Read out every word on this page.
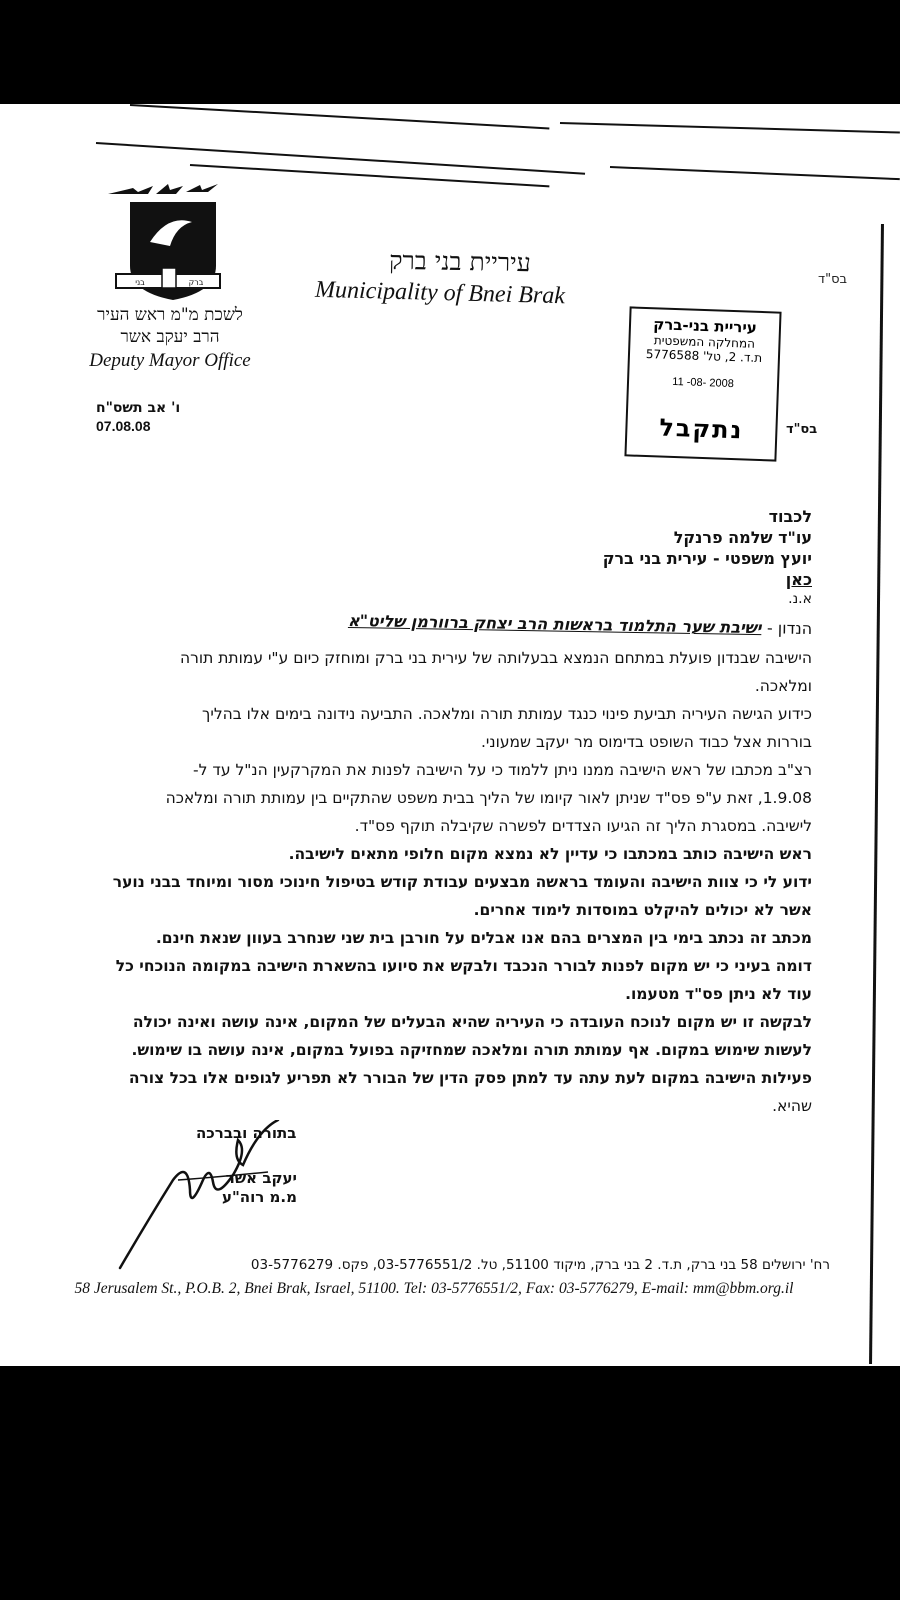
בני	ברק
לשכת מ"מ ראש העיר
הרב יעקב אשר
Deputy Mayor Office
ו' אב תשס"ח
07.08.08
עיריית בני ברק
Municipality of Bnei Brak	בס"ד
עיריית בני-ברק
המחלקה המשפטית
ת.ד. 2, טל' 5776588
11 -08- 2008
נתקבל	בס"ד
לכבוד
עו"ד שלמה פרנקל
יועץ משפטי - עירית בני ברק
כאן
א.נ.
הנדון - ישיבת שער התלמוד בראשות הרב יצחק ברוורמן שליט"א

הישיבה שבנדון פועלת במתחם הנמצא בבעלותה של עירית בני ברק ומוחזק כיום ע"י עמותת תורה

ומלאכה.

כידוע הגישה העיריה תביעת פינוי כנגד עמותת תורה ומלאכה. התביעה נידונה בימים אלו בהליך

בוררות אצל כבוד השופט בדימוס מר יעקב שמעוני.

רצ"ב מכתבו של ראש הישיבה ממנו ניתן ללמוד כי על הישיבה לפנות את המקרקעין הנ"ל עד ל-

1.9.08, זאת ע"פ פס"ד שניתן לאור קיומו של הליך בבית משפט שהתקיים בין עמותת תורה ומלאכה

לישיבה. במסגרת הליך זה הגיעו הצדדים לפשרה שקיבלה תוקף פס"ד.

ראש הישיבה כותב במכתבו כי עדיין לא נמצא מקום חלופי מתאים לישיבה.

ידוע לי כי צוות הישיבה והעומד בראשה מבצעים עבודת קודש בטיפול חינוכי מסור ומיוחד בבני נוער

אשר לא יכולים להיקלט במוסדות לימוד אחרים.

מכתב זה נכתב בימי בין המצרים בהם אנו אבלים על חורבן בית שני שנחרב בעוון שנאת חינם.

דומה בעיני כי יש מקום לפנות לבורר הנכבד ולבקש את סיועו בהשארת הישיבה במקומה הנוכחי כל

עוד לא ניתן פס"ד מטעמו.

לבקשה זו יש מקום לנוכח העובדה כי העיריה שהיא הבעלים של המקום, אינה עושה ואינה יכולה

לעשות שימוש במקום. אף עמותת תורה ומלאכה שמחזיקה בפועל במקום, אינה עושה בו שימוש.

פעילות הישיבה במקום לעת עתה עד למתן פסק הדין של הבורר לא תפריע לגופים אלו בכל צורה

שהיא.

בתורה ובברכה
יעקב אשר
מ.מ רוה"ע
רח' ירושלים 58 בני ברק, ת.ד. 2 בני ברק, מיקוד 51100, טל. 03-5776551/2, פקס. 03-5776279
58 Jerusalem St., P.O.B. 2, Bnei Brak, Israel, 51100. Tel: 03-5776551/2, Fax: 03-5776279, E-mail: mm@bbm.org.il
